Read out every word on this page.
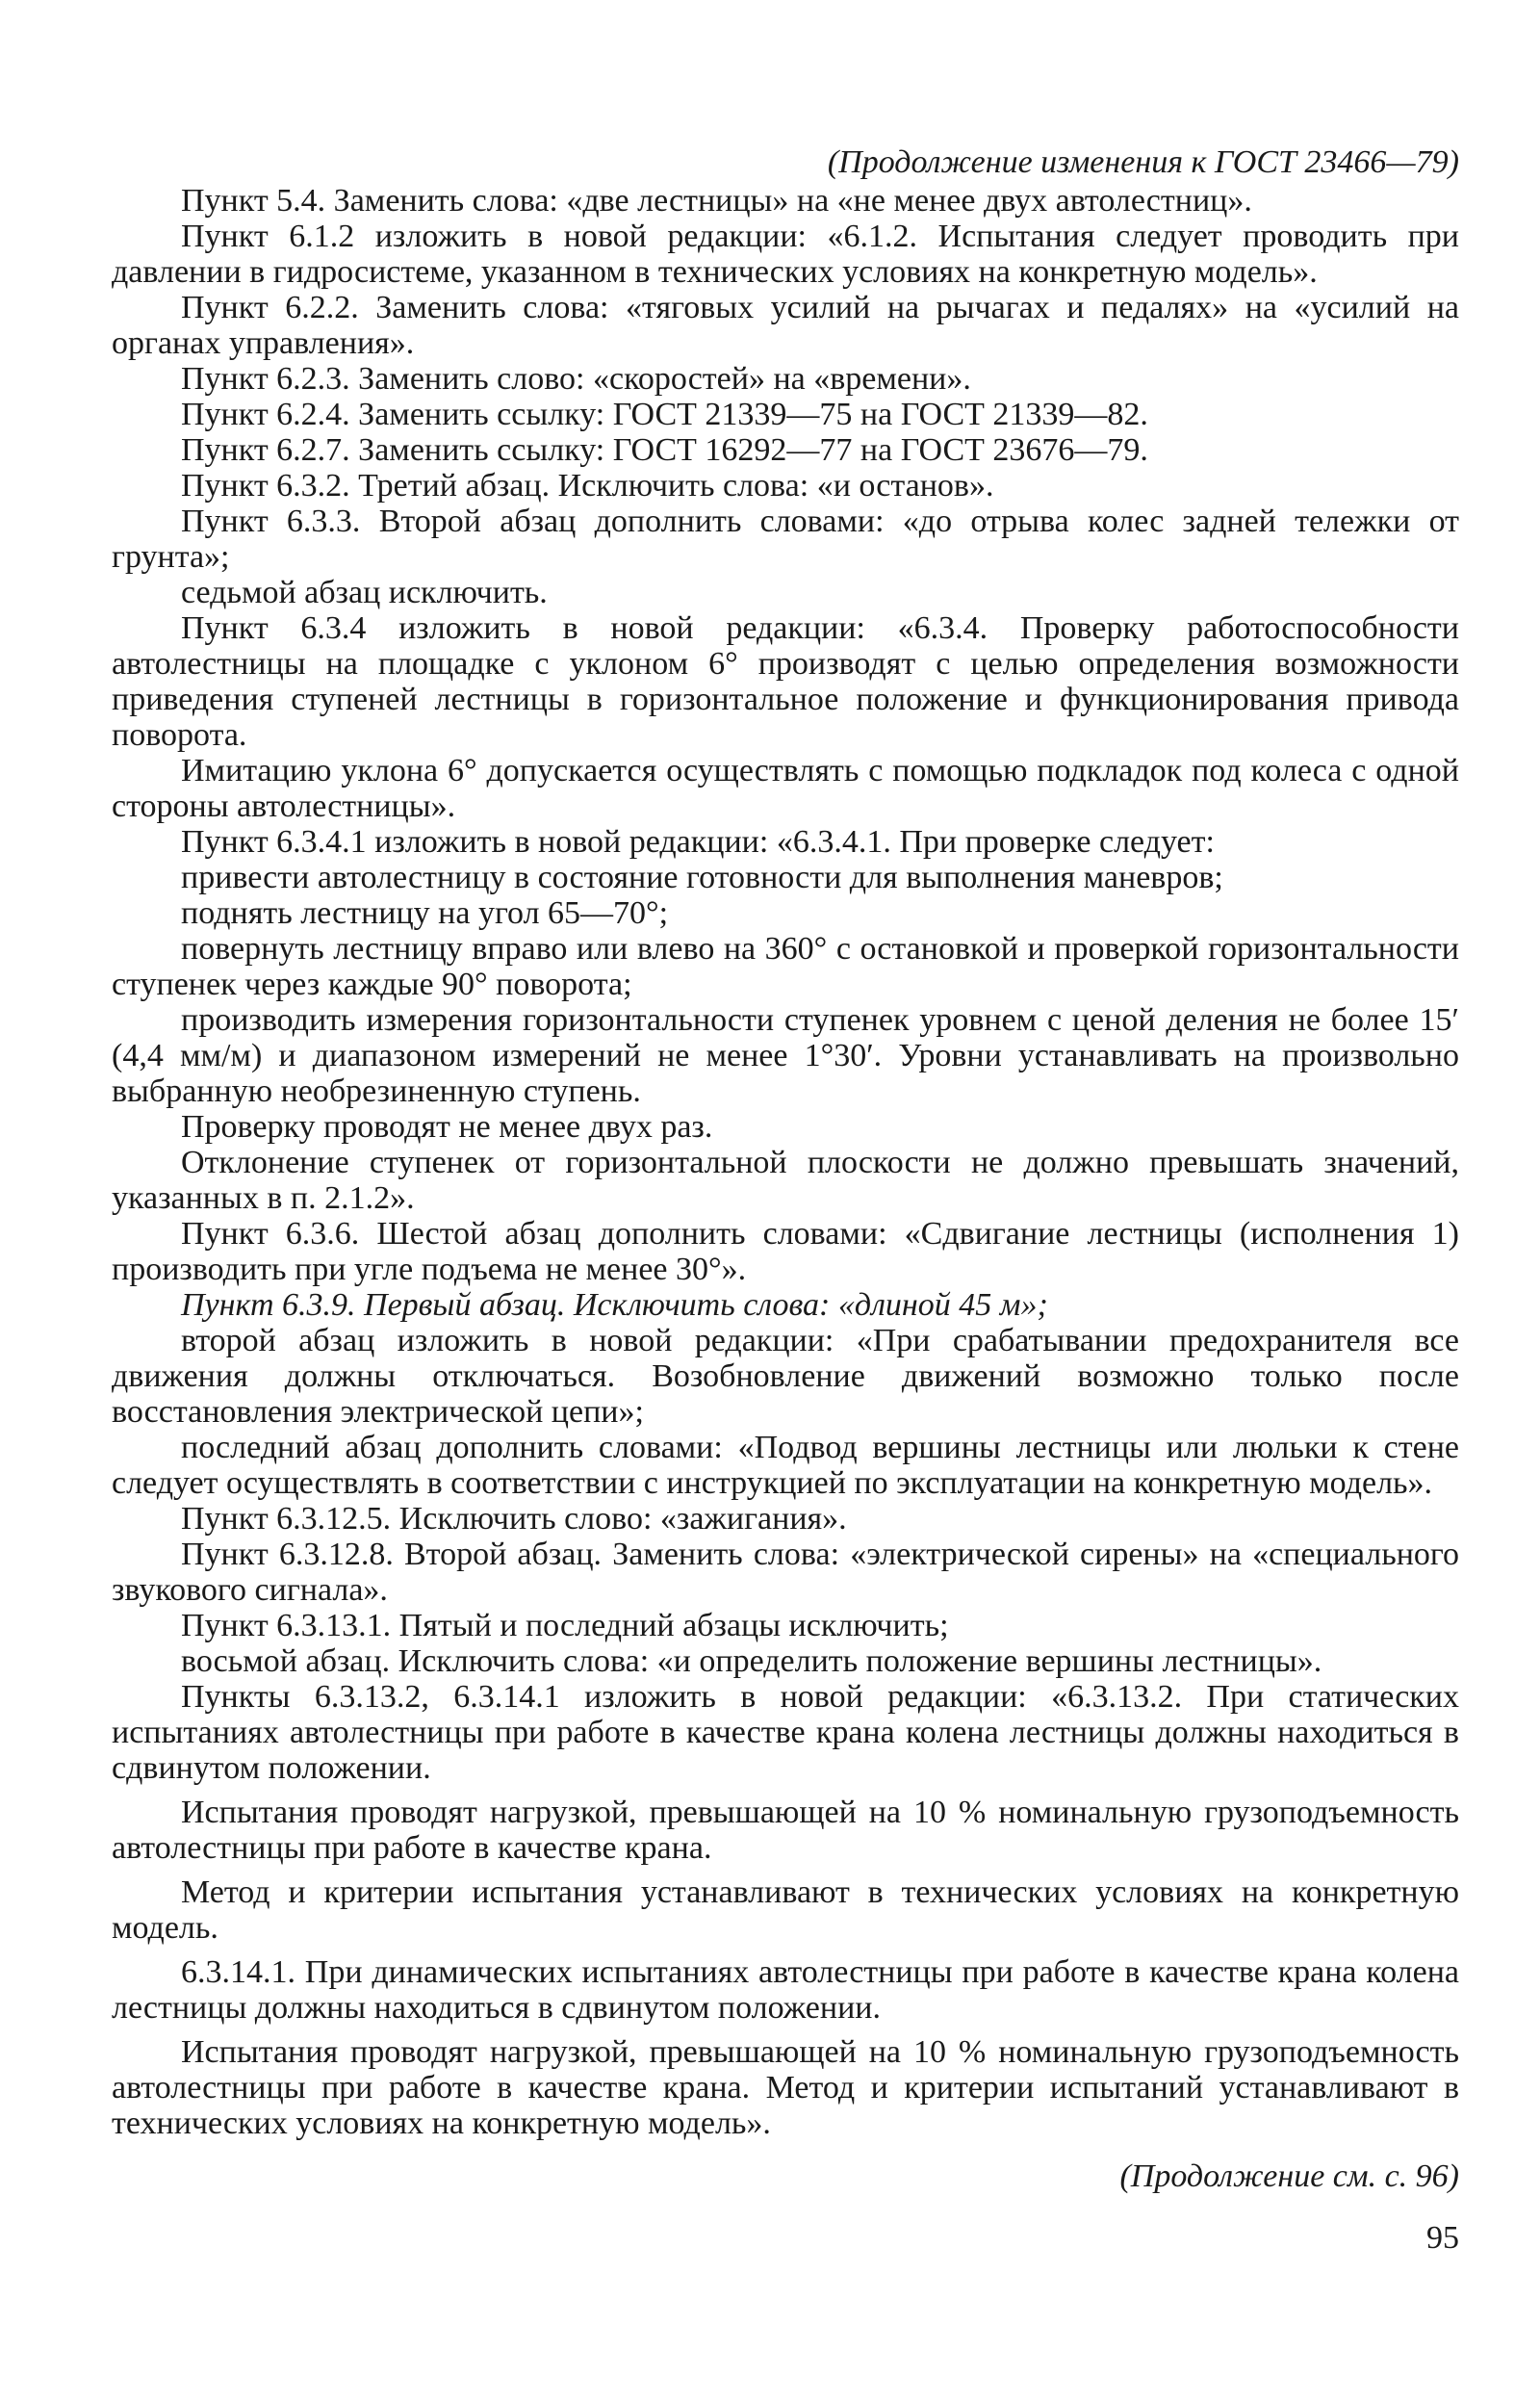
(Продолжение изменения к ГОСТ 23466—79)

Пункт 5.4. Заменить слова: «две лестницы» на «не менее двух автолестниц».

Пункт 6.1.2 изложить в новой редакции: «6.1.2. Испытания следует проводить при давлении в гидросистеме, указанном в технических условиях на конкретную модель».

Пункт 6.2.2. Заменить слова: «тяговых усилий на рычагах и педалях» на «усилий на органах управления».

Пункт 6.2.3. Заменить слово: «скоростей» на «времени».

Пункт 6.2.4. Заменить ссылку: ГОСТ 21339—75 на ГОСТ 21339—82.

Пункт 6.2.7. Заменить ссылку: ГОСТ 16292—77 на ГОСТ 23676—79.

Пункт 6.3.2. Третий абзац. Исключить слова: «и останов».

Пункт 6.3.3. Второй абзац дополнить словами: «до отрыва колес задней тележки от грунта»;

седьмой абзац исключить.

Пункт 6.3.4 изложить в новой редакции: «6.3.4. Проверку работоспособности автолестницы на площадке с уклоном 6° производят с целью определения возможности приведения ступеней лестницы в горизонтальное положение и функционирования привода поворота.

Имитацию уклона 6° допускается осуществлять с помощью подкладок под колеса с одной стороны автолестницы».

Пункт 6.3.4.1 изложить в новой редакции: «6.3.4.1. При проверке следует:

привести автолестницу в состояние готовности для выполнения маневров;

поднять лестницу на угол 65—70°;

повернуть лестницу вправо или влево на 360° с остановкой и проверкой горизонтальности ступенек через каждые 90° поворота;

производить измерения горизонтальности ступенек уровнем с ценой деления не более 15′ (4,4 мм/м) и диапазоном измерений не менее 1°30′. Уровни устанавливать на произвольно выбранную необрезиненную ступень.

Проверку проводят не менее двух раз.

Отклонение ступенек от горизонтальной плоскости не должно превышать значений, указанных в п. 2.1.2».

Пункт 6.3.6. Шестой абзац дополнить словами: «Сдвигание лестницы (исполнения 1) производить при угле подъема не менее 30°».

Пункт 6.3.9. Первый абзац. Исключить слова: «длиной 45 м»;

второй абзац изложить в новой редакции: «При срабатывании предохранителя все движения должны отключаться. Возобновление движений возможно только после восстановления электрической цепи»;

последний абзац дополнить словами: «Подвод вершины лестницы или люльки к стене следует осуществлять в соответствии с инструкцией по эксплуатации на конкретную модель».

Пункт 6.3.12.5. Исключить слово: «зажигания».

Пункт 6.3.12.8. Второй абзац. Заменить слова: «электрической сирены» на «специального звукового сигнала».

Пункт 6.3.13.1. Пятый и последний абзацы исключить;

восьмой абзац. Исключить слова: «и определить положение вершины лестницы».

Пункты 6.3.13.2, 6.3.14.1 изложить в новой редакции: «6.3.13.2. При статических испытаниях автолестницы при работе в качестве крана колена лестницы должны находиться в сдвинутом положении.

Испытания проводят нагрузкой, превышающей на 10 % номинальную грузоподъемность автолестницы при работе в качестве крана.

Метод и критерии испытания устанавливают в технических условиях на конкретную модель.

6.3.14.1. При динамических испытаниях автолестницы при работе в качестве крана колена лестницы должны находиться в сдвинутом положении.

Испытания проводят нагрузкой, превышающей на 10 % номинальную грузоподъемность автолестницы при работе в качестве крана. Метод и критерии испытаний устанавливают в технических условиях на конкретную модель».

(Продолжение см. с. 96)
95
